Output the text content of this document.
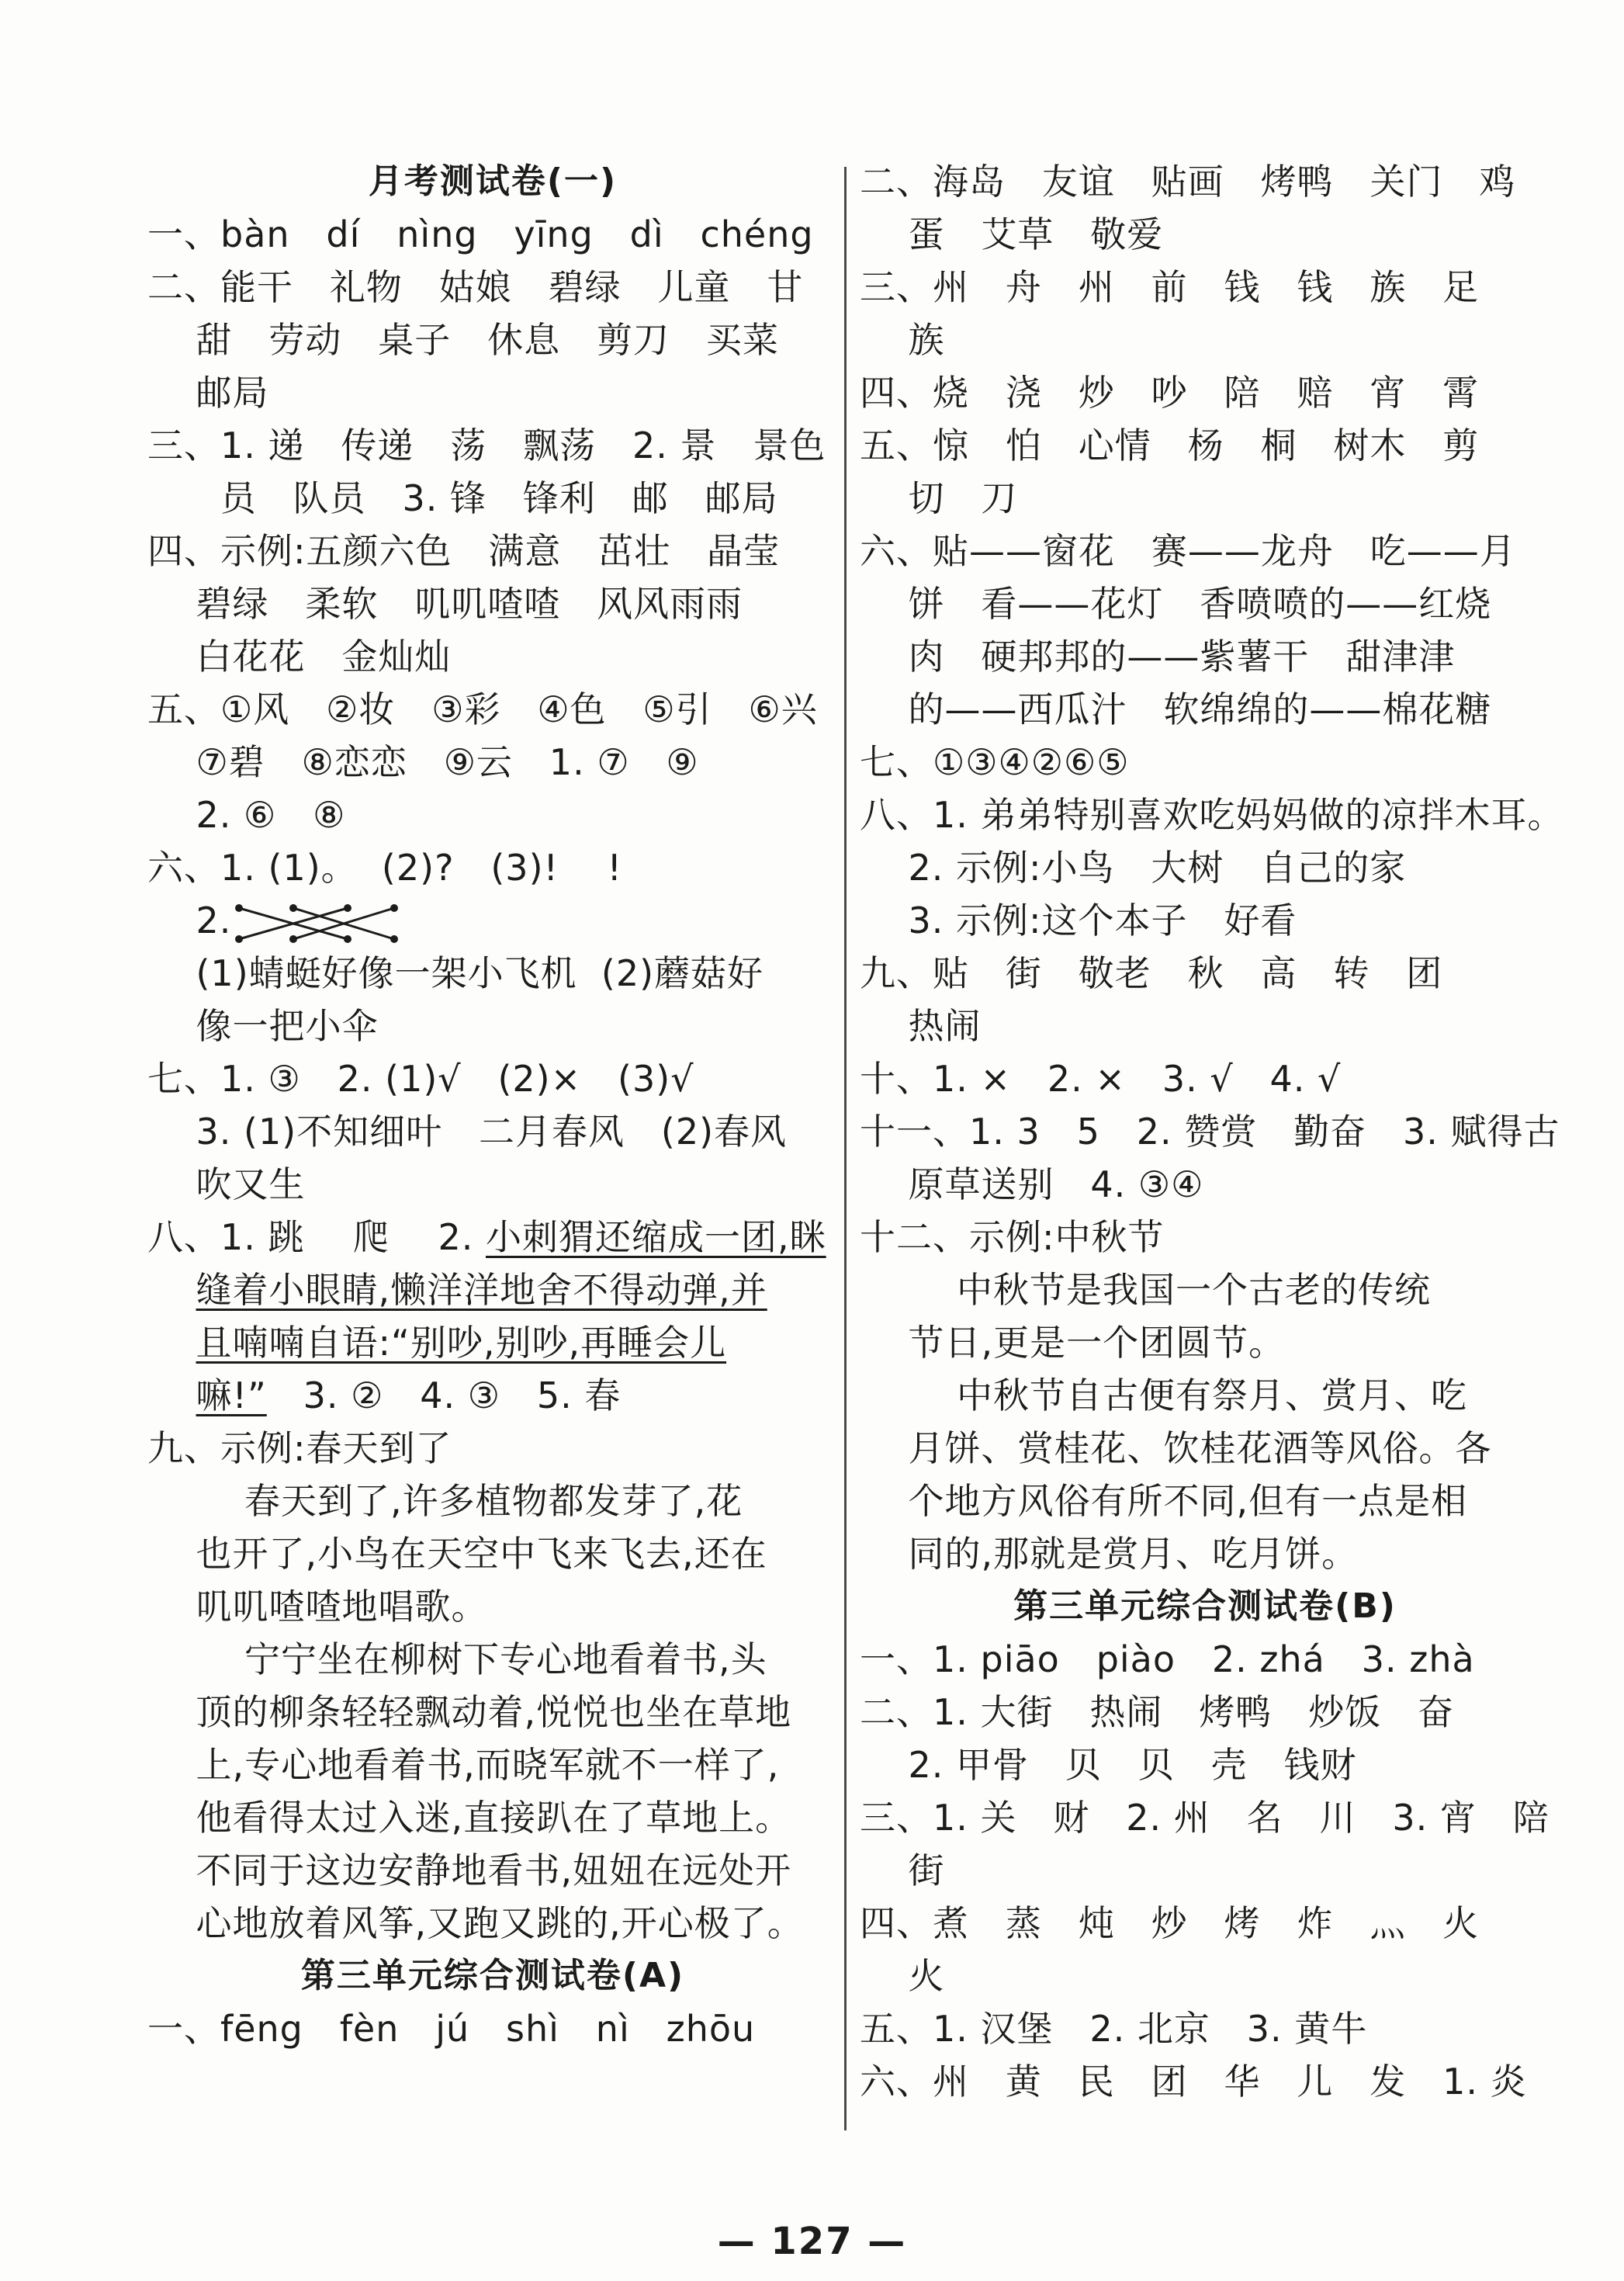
月考测试卷(一)
一、bàn   dí   nìng   yīng   dì   chéng
二、能干   礼物   姑娘   碧绿   儿童   甘
甜   劳动   桌子   休息   剪刀   买菜
邮局
三、1. 递   传递   荡   飘荡   2. 景   景色
员   队员   3. 锋   锋利   邮   邮局
四、示例:五颜六色   满意   茁壮   晶莹
碧绿   柔软   叽叽喳喳   风风雨雨
白花花   金灿灿
五、①风   ②妆   ③彩   ④色   ⑤引   ⑥兴
⑦碧   ⑧恋恋   ⑨云   1. ⑦   ⑨
2. ⑥   ⑧
六、1. (1)。  (2)?   (3)!    !
2.
(1)蜻蜓好像一架小飞机  (2)蘑菇好
像一把小伞
七、1. ③   2. (1)√   (2)×   (3)√
3. (1)不知细叶   二月春风   (2)春风
吹又生
八、1. 跳    爬    2. 小刺猬还缩成一团,眯
缝着小眼睛,懒洋洋地舍不得动弹,并
且喃喃自语:“别吵,别吵,再睡会儿
嘛!”   3. ②   4. ③   5. 春
九、示例:春天到了
春天到了,许多植物都发芽了,花
也开了,小鸟在天空中飞来飞去,还在
叽叽喳喳地唱歌。
宁宁坐在柳树下专心地看着书,头
顶的柳条轻轻飘动着,悦悦也坐在草地
上,专心地看着书,而晓军就不一样了,
他看得太过入迷,直接趴在了草地上。
不同于这边安静地看书,妞妞在远处开
心地放着风筝,又跑又跳的,开心极了。
第三单元综合测试卷(A)
一、fēng   fèn   jú   shì   nì   zhōu
二、海岛   友谊   贴画   烤鸭   关门   鸡
蛋   艾草   敬爱
三、州   舟   州   前   钱   钱   族   足
族
四、烧   浇   炒   吵   陪   赔   宵   霄
五、惊   怕   心情   杨   桐   树木   剪
切   刀
六、贴——窗花   赛——龙舟   吃——月
饼   看——花灯   香喷喷的——红烧
肉   硬邦邦的——紫薯干   甜津津
的——西瓜汁   软绵绵的——棉花糖
七、①③④②⑥⑤
八、1. 弟弟特别喜欢吃妈妈做的凉拌木耳。
2. 示例:小鸟   大树   自己的家
3. 示例:这个本子   好看
九、贴   街   敬老   秋   高   转   团
热闹
十、1. ×   2. ×   3. √   4. √
十一、1. 3   5   2. 赞赏   勤奋   3. 赋得古
原草送别   4. ③④
十二、示例:中秋节
中秋节是我国一个古老的传统
节日,更是一个团圆节。
中秋节自古便有祭月、赏月、吃
月饼、赏桂花、饮桂花酒等风俗。各
个地方风俗有所不同,但有一点是相
同的,那就是赏月、吃月饼。
第三单元综合测试卷(B)
一、1. piāo   piào   2. zhá   3. zhà
二、1. 大街   热闹   烤鸭   炒饭   奋
2. 甲骨   贝   贝   壳   钱财
三、1. 关   财   2. 州   名   川   3. 宵   陪
街
四、煮   蒸   炖   炒   烤   炸   灬   火
火
五、1. 汉堡   2. 北京   3. 黄牛
六、州   黄   民   团   华   儿   发   1. 炎
— 127 —
